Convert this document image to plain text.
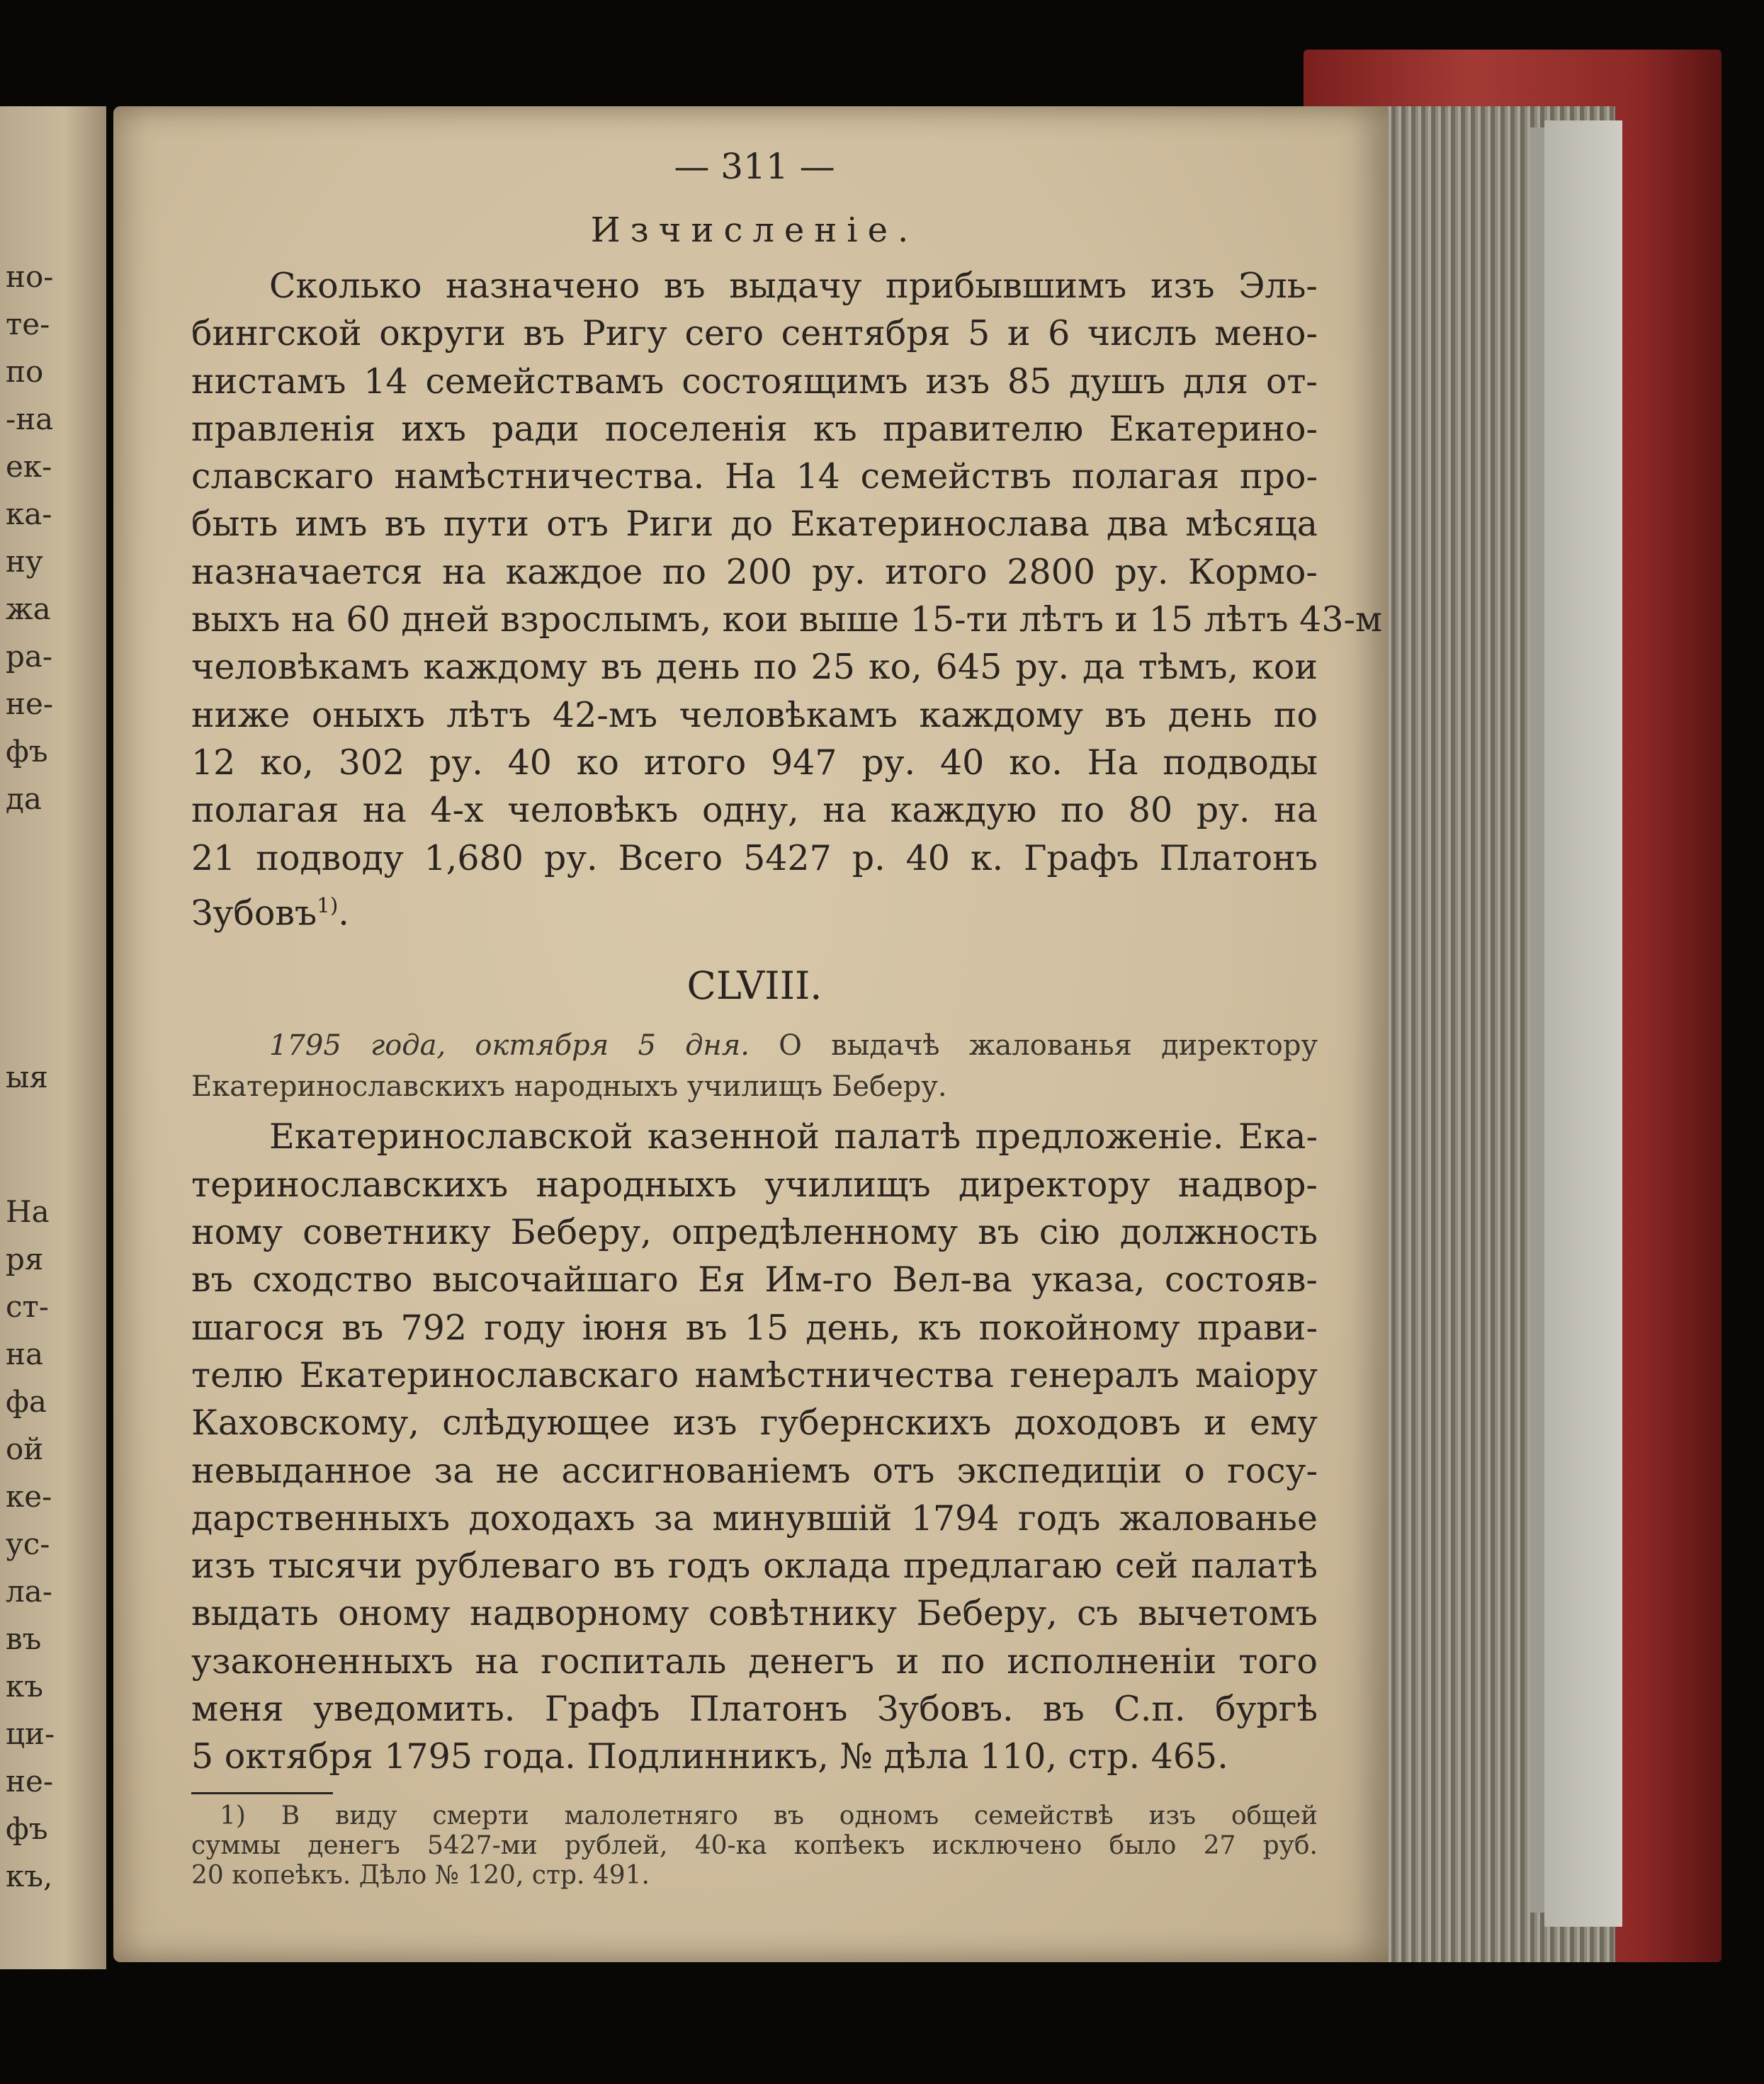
но-
те-
по
-на
ек-
ка-
ну
жа
ра-
не-
фъ
да
ыя
На
ря
ст-
на
фа
ой
ке-
ус-
ла-
въ
къ
ци-
не-
фъ
къ,

— 311 —

Изчисленіе.

Сколько назначено въ выдачу прибывшимъ изъ Эль-
бингской округи въ Ригу сего сентября 5 и 6 числъ мено-
нистамъ 14 семействамъ состоящимъ изъ 85 душъ для от-
правленія ихъ ради поселенія къ правителю Екатерино-
славскаго намѣстничества. На 14 семействъ полагая про-
быть имъ въ пути отъ Риги до Екатеринослава два мѣсяца
назначается на каждое по 200 ру. итого 2800 ру. Кормо-
выхъ на 60 дней взрослымъ, кои выше 15-ти лѣтъ и 15 лѣтъ 43-м
человѣкамъ каждому въ день по 25 ко, 645 ру. да тѣмъ, кои
ниже оныхъ лѣтъ 42-мъ человѣкамъ каждому въ день по
12 ко, 302 ру. 40 ко итого 947 ру. 40 ко. На подводы
полагая на 4-х человѣкъ одну, на каждую по 80 ру. на
21 подводу 1,680 ру. Всего 5427 р. 40 к. Графъ Платонъ
Зубовъ$^{1)}$.

CLVIII.

1795 года, октября 5 дня. О выдачѣ жалованья директору
Екатеринославскихъ народныхъ училищъ Беберу.
Екатеринославской казенной палатѣ предложеніе. Ека-
теринославскихъ народныхъ училищъ директору надвор-
ному советнику Беберу, опредѣленному въ сію должность
въ сходство высочайшаго Ея Им-го Вел-ва указа, состояв-
шагося въ 792 году іюня въ 15 день, къ покойному прави-
телю Екатеринославскаго намѣстничества генералъ маіору
Каховскому, слѣдующее изъ губернскихъ доходовъ и ему
невыданное за не ассигнованіемъ отъ экспедиціи о госу-
дарственныхъ доходахъ за минувшій 1794 годъ жалованье
изъ тысячи рублеваго въ годъ оклада предлагаю сей палатѣ
выдать оному надворному совѣтнику Беберу, съ вычетомъ
узаконенныхъ на госпиталь денегъ и по исполненіи того
меня уведомить. Графъ Платонъ Зубовъ. въ С.п. бургѣ
5 октября 1795 года. Подлинникъ, № дѣла 110, стр. 465.
1) В виду смерти малолетняго въ одномъ семействѣ изъ общей
суммы денегъ 5427-ми рублей, 40-ка копѣекъ исключено было 27 руб.
20 копеѣкъ. Дѣло № 120, стр. 491.
